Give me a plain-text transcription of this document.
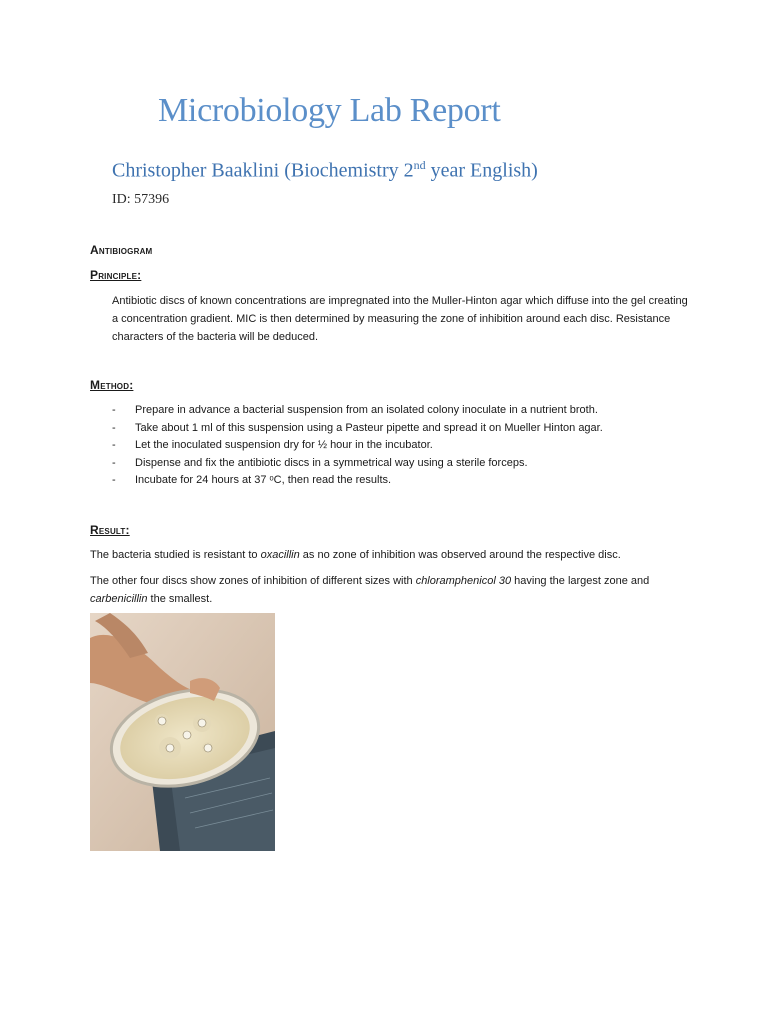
Microbiology Lab Report
Christopher Baaklini (Biochemistry 2nd year English)
ID: 57396
Antibiogram
Principle:

Antibiotic discs of known concentrations are impregnated into the Muller-Hinton agar which diffuse into the gel creating a concentration gradient. MIC is then determined by measuring the zone of inhibition around each disc. Resistance characters of the bacteria will be deduced.

Method:
-	Prepare in advance a bacterial suspension from an isolated colony inoculate in a nutrient broth.
-	Take about 1 ml of this suspension using a Pasteur pipette and spread it on Mueller Hinton agar.
-	Let the inoculated suspension dry for ½ hour in the incubator.
-	Dispense and fix the antibiotic discs in a symmetrical way using a sterile forceps.
-	Incubate for 24 hours at 37 ᵒC, then read the results.
Result:

The bacteria studied is resistant to oxacillin as no zone of inhibition was observed around the respective disc.

The other four discs show zones of inhibition of different sizes with chloramphenicol 30 having the largest zone and
carbenicillin the smallest.
